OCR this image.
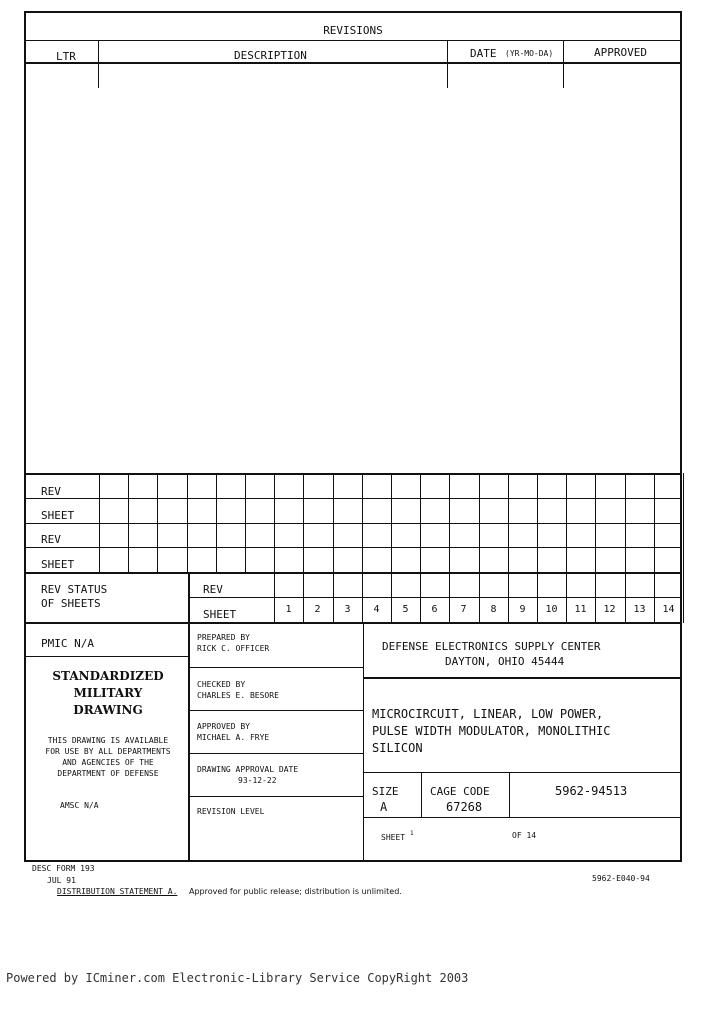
REVISIONS
LTR	DESCRIPTION	DATE (YR-MO-DA)	APPROVED
REV
SHEET
REV
SHEET
REV STATUS
OF SHEETS
REV
SHEET	1	2	3	4	5	6	7	8	9	10	11	12	13	14
PMIC N/A
STANDARDIZED
MILITARY
DRAWING
THIS DRAWING IS AVAILABLE
FOR USE BY ALL DEPARTMENTS
AND AGENCIES OF THE
DEPARTMENT OF DEFENSE
AMSC N/A
PREPARED BY
RICK C. OFFICER
CHECKED BY
CHARLES E. BESORE
APPROVED BY
MICHAEL A. FRYE
DRAWING APPROVAL DATE
93-12-22
REVISION LEVEL
DEFENSE ELECTRONICS SUPPLY CENTER
DAYTON, OHIO 45444
MICROCIRCUIT, LINEAR, LOW POWER,
PULSE WIDTH MODULATOR, MONOLITHIC
SILICON
SIZE
A
CAGE CODE
67268
5962-94513
SHEET 1	OF 14
DESC FORM 193
JUL 91
DISTRIBUTION STATEMENT A. Approved for public release; distribution is unlimited.
5962-E040-94
Powered by ICminer.com Electronic-Library Service CopyRight 2003
